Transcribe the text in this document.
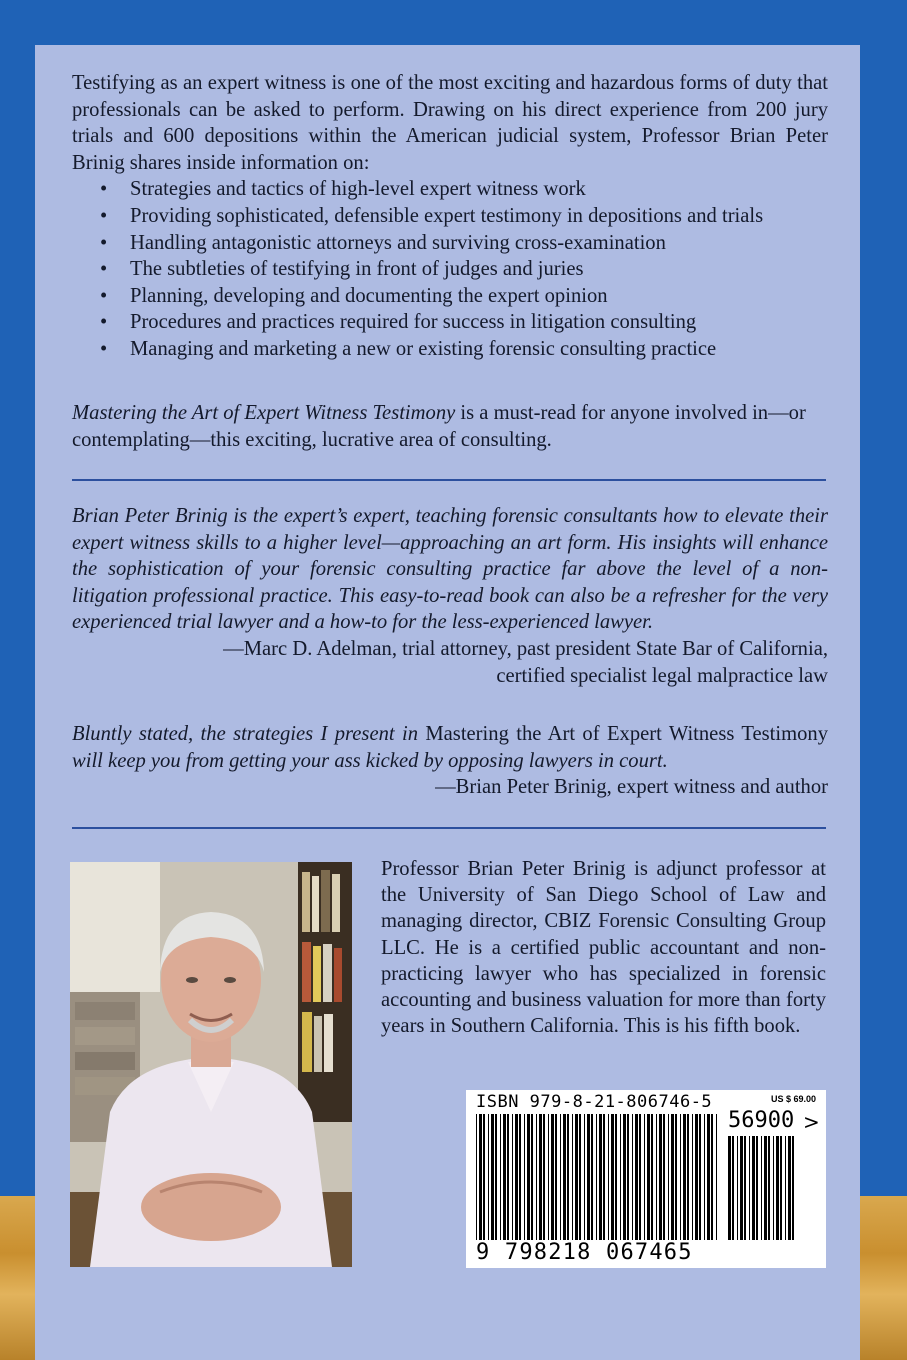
Testifying as an expert witness is one of the most exciting and hazardous forms of duty that professionals can be asked to perform. Drawing on his direct experience from 200 jury trials and 600 depositions within the American judicial system, Professor Brian Peter Brinig shares inside information on:

• Strategies and tactics of high-level expert witness work
• Providing sophisticated, defensible expert testimony in depositions and trials
• Handling antagonistic attorneys and surviving cross-examination
• The subtleties of testifying in front of judges and juries
• Planning, developing and documenting the expert opinion
• Procedures and practices required for success in litigation consulting
• Managing and marketing a new or existing forensic consulting practice

Mastering the Art of Expert Witness Testimony is a must-read for anyone involved in—or contemplating—this exciting, lucrative area of consulting.

Brian Peter Brinig is the expert’s expert, teaching forensic consultants how to elevate their expert witness skills to a higher level—approaching an art form. His insights will enhance the sophistication of your forensic consulting practice far above the level of a non-litigation professional practice. This easy-to-read book can also be a refresher for the very experienced trial lawyer and a how-to for the less-experienced lawyer.

—Marc D. Adelman, trial attorney, past president State Bar of California,

certified specialist legal malpractice law

Bluntly stated, the strategies I present in Mastering the Art of Expert Witness Testimony will keep you from getting your ass kicked by opposing lawyers in court.

—Brian Peter Brinig, expert witness and author

Professor Brian Peter Brinig is adjunct professor at the University of San Diego School of Law and managing director, CBIZ Forensic Consulting Group LLC. He is a certified public accountant and non-practicing lawyer who has specialized in forensic accounting and business valuation for more than forty years in Southern California. This is his fifth book.

ISBN 979-8-21-806746-5	US $ 69.00
56900 >
9 798218 067465
